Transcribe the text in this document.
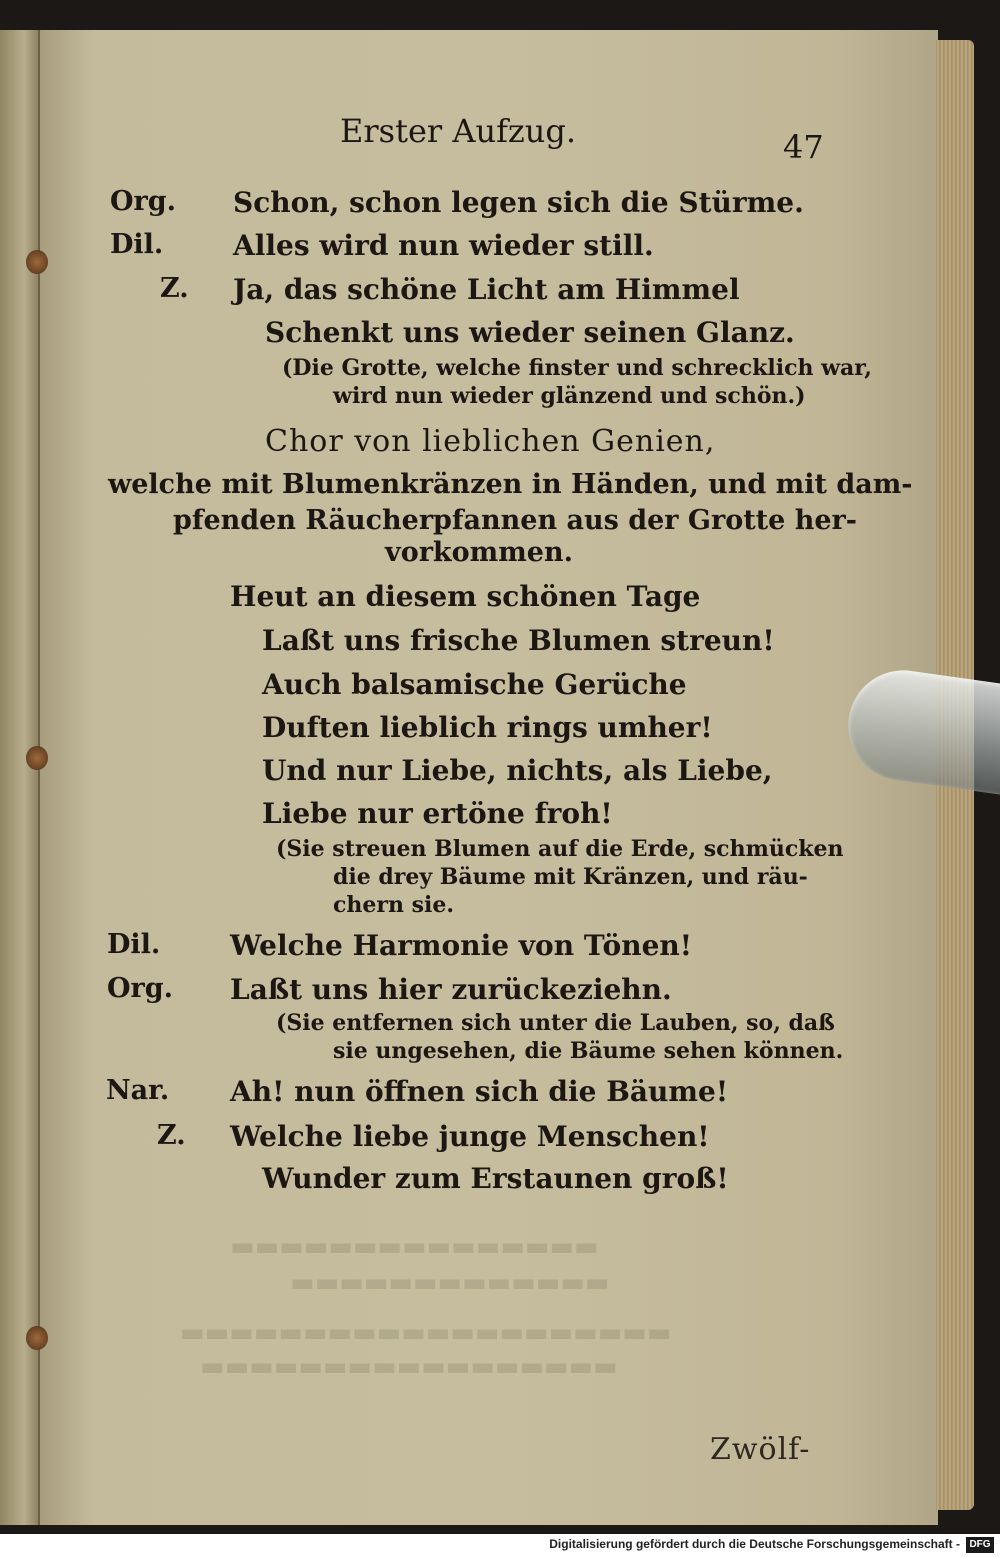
▬▬▬▬▬▬▬▬▬▬▬▬▬▬▬
▬▬▬▬▬▬▬▬▬▬▬▬▬
▬▬▬▬▬▬▬▬▬▬▬▬▬▬▬▬▬▬▬▬
▬▬▬▬▬▬▬▬▬▬▬▬▬▬▬▬▬
Erster Aufzug.	47
Org. Schon, schon legen sich die Stürme.
Dil. Alles wird nun wieder still.
Z. Ja, das schöne Licht am Himmel
Schenkt uns wieder seinen Glanz.
(Die Grotte, welche finster und schrecklich war,
wird nun wieder glänzend und schön.)
Chor von lieblichen Genien,
welche mit Blumenkränzen in Händen, und mit dam-
pfenden Räucherpfannen aus der Grotte her-
vorkommen.
Heut an diesem schönen Tage
Laßt uns frische Blumen streun!
Auch balsamische Gerüche
Duften lieblich rings umher!
Und nur Liebe, nichts, als Liebe,
Liebe nur ertöne froh!
(Sie streuen Blumen auf die Erde, schmücken
die drey Bäume mit Kränzen, und räu-
chern sie.
Dil. Welche Harmonie von Tönen!
Org. Laßt uns hier zurückeziehn.
(Sie entfernen sich unter die Lauben, so, daß
sie ungesehen, die Bäume sehen können.
Nar. Ah! nun öffnen sich die Bäume!
Z. Welche liebe junge Menschen!
Wunder zum Erstaunen groß!
Zwölf-
Digitalisierung gefördert durch die Deutsche Forschungsgemeinschaft - DFG
